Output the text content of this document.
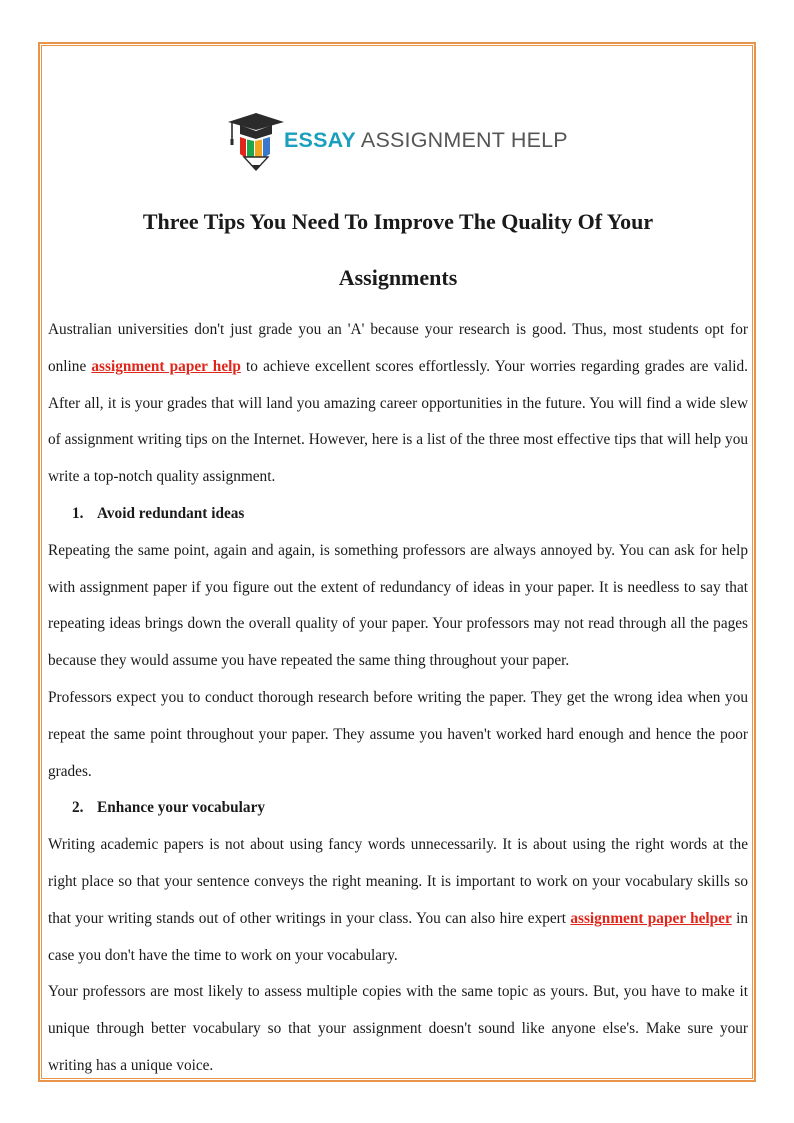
ESSAY ASSIGNMENT HELP
Three Tips You Need To Improve The Quality Of Your
Assignments

Australian universities don't just grade you an 'A' because your research is good. Thus, most students opt for online assignment paper help to achieve excellent scores effortlessly. Your worries regarding grades are valid. After all, it is your grades that will land you amazing career opportunities in the future. You will find a wide slew of assignment writing tips on the Internet. However, here is a list of the three most effective tips that will help you write a top-notch quality assignment.

1. Avoid redundant ideas

Repeating the same point, again and again, is something professors are always annoyed by. You can ask for help with assignment paper if you figure out the extent of redundancy of ideas in your paper. It is needless to say that repeating ideas brings down the overall quality of your paper. Your professors may not read through all the pages because they would assume you have repeated the same thing throughout your paper.

Professors expect you to conduct thorough research before writing the paper. They get the wrong idea when you repeat the same point throughout your paper. They assume you haven't worked hard enough and hence the poor grades.

2. Enhance your vocabulary

Writing academic papers is not about using fancy words unnecessarily. It is about using the right words at the right place so that your sentence conveys the right meaning. It is important to work on your vocabulary skills so that your writing stands out of other writings in your class. You can also hire expert assignment paper helper in case you don't have the time to work on your vocabulary.

Your professors are most likely to assess multiple copies with the same topic as yours. But, you have to make it unique through better vocabulary so that your assignment doesn't sound like anyone else's. Make sure your writing has a unique voice.
